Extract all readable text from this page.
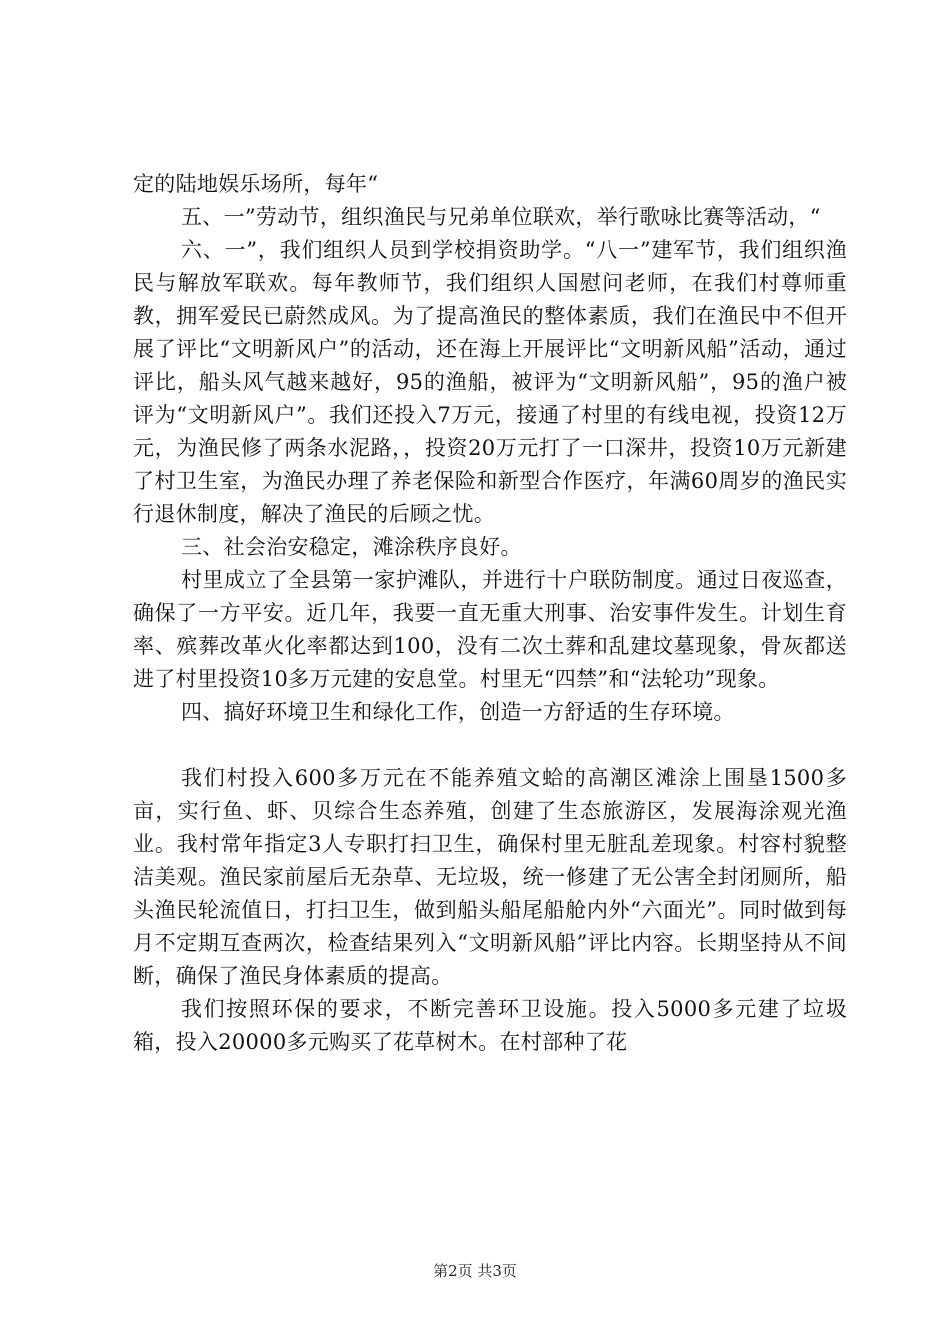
定的陆地娱乐场所，每年“

五、一”劳动节，组织渔民与兄弟单位联欢，举行歌咏比赛等活动，“

六、一”，我们组织人员到学校捐资助学。“八一”建军节，我们组织渔民与解放军联欢。每年教师节，我们组织人国慰问老师，在我们村尊师重教，拥军爱民已蔚然成风。为了提高渔民的整体素质，我们在渔民中不但开展了评比“文明新风户”的活动，还在海上开展评比“文明新风船”活动，通过评比，船头风气越来越好，95的渔船，被评为“文明新风船”，95的渔户被评为“文明新风户”。我们还投入7万元，接通了村里的有线电视，投资12万元，为渔民修了两条水泥路，，投资20万元打了一口深井，投资10万元新建了村卫生室，为渔民办理了养老保险和新型合作医疗，年满60周岁的渔民实行退休制度，解决了渔民的后顾之忧。

三、社会治安稳定，滩涂秩序良好。

村里成立了全县第一家护滩队，并进行十户联防制度。通过日夜巡查，确保了一方平安。近几年，我要一直无重大刑事、治安事件发生。计划生育率、殡葬改革火化率都达到100，没有二次土葬和乱建坟墓现象，骨灰都送进了村里投资10多万元建的安息堂。村里无“四禁”和“法轮功”现象。

四、搞好环境卫生和绿化工作，创造一方舒适的生存环境。

我们村投入600多万元在不能养殖文蛤的高潮区滩涂上围垦1500多亩，实行鱼、虾、贝综合生态养殖，创建了生态旅游区，发展海涂观光渔业。我村常年指定3人专职打扫卫生，确保村里无脏乱差现象。村容村貌整洁美观。渔民家前屋后无杂草、无垃圾，统一修建了无公害全封闭厕所，船头渔民轮流值日，打扫卫生，做到船头船尾船舱内外“六面光”。同时做到每月不定期互查两次，检查结果列入“文明新风船”评比内容。长期坚持从不间断，确保了渔民身体素质的提高。

我们按照环保的要求，不断完善环卫设施。投入5000多元建了垃圾箱，投入20000多元购买了花草树木。在村部种了花

第2页 共3页
